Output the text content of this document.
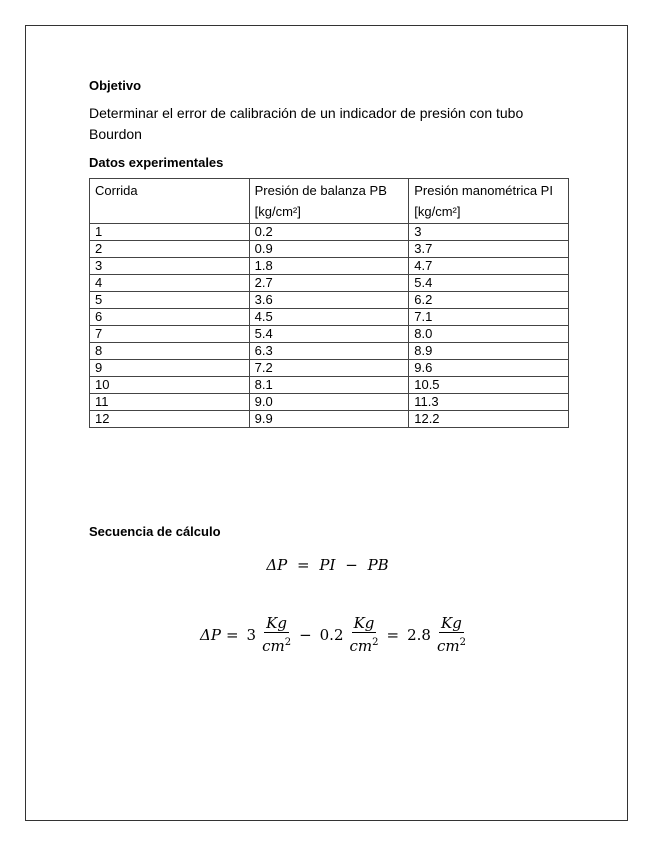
Objetivo

Determinar el error de calibración de un indicador de presión con tubo Bourdon

Datos experimentales

Corrida	Presión de balanza PB [kg/cm²]	Presión manométrica PI [kg/cm²]
1	0.2	3
2	0.9	3.7
3	1.8	4.7
4	2.7	5.4
5	3.6	6.2
6	4.5	7.1
7	5.4	8.0
8	6.3	8.9
9	7.2	9.6
10	8.1	10.5
11	9.0	11.3
12	9.9	12.2

Secuencia de cálculo

ΔP = PI − PB
$\Delta P = 3 \frac{Kg}{cm^2} - 0.2 \frac{Kg}{cm^2} = 2.8 \frac{Kg}{cm^2}$
